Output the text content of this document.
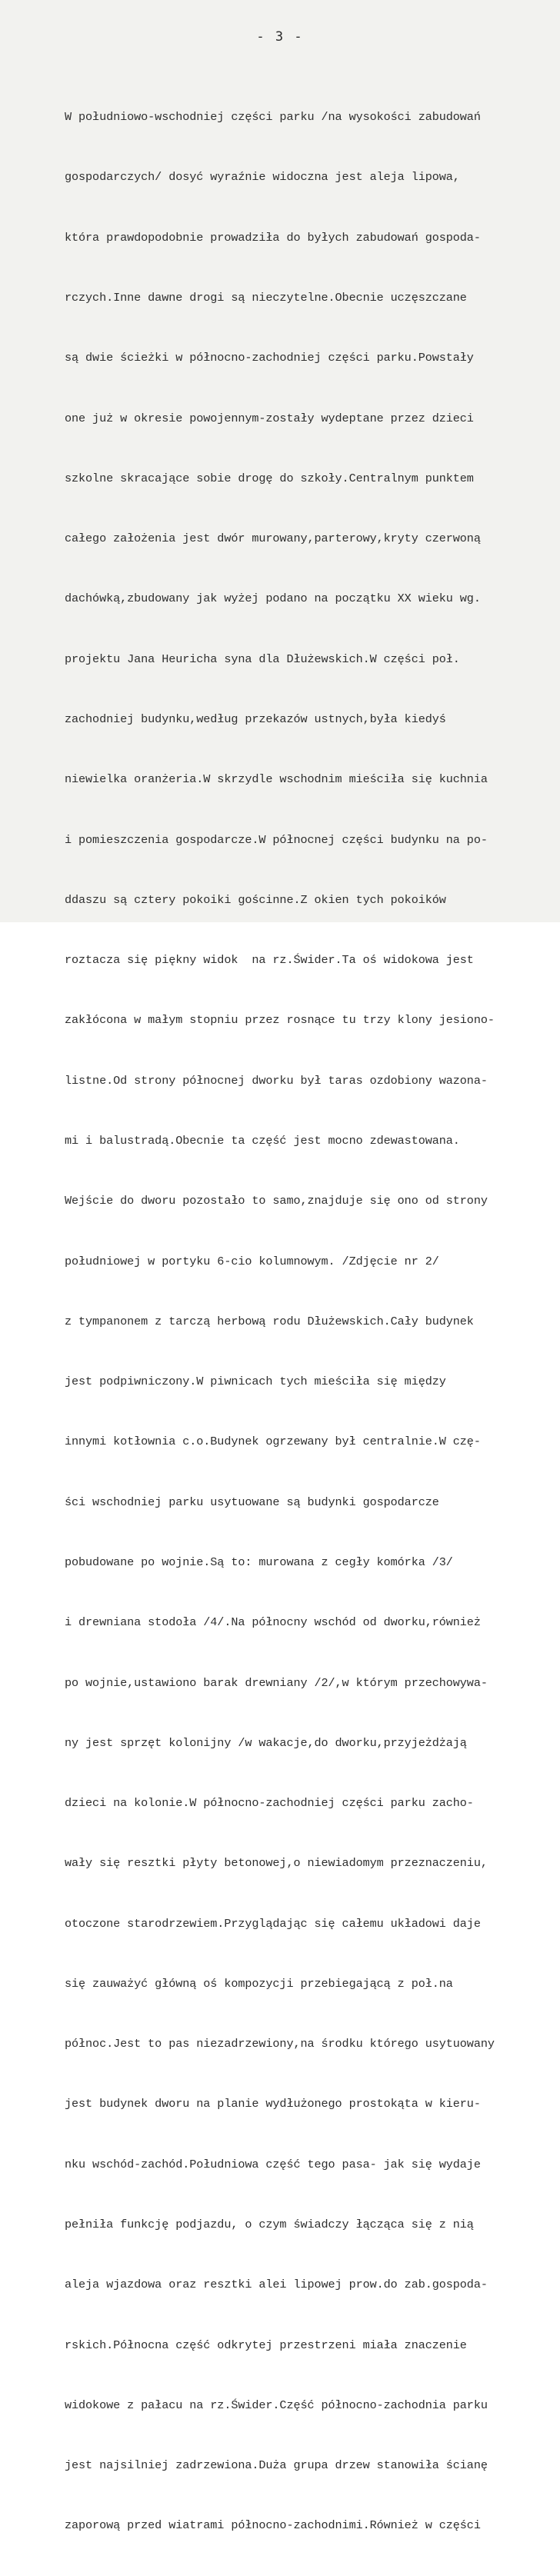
- 3 -

W południowo-wschodniej części parku /na wysokości zabudowań

gospodarczych/ dosyć wyraźnie widoczna jest aleja lipowa,

która prawdopodobnie prowadziła do byłych zabudowań gospoda-

rczych.Inne dawne drogi są nieczytelne.Obecnie uczęszczane

są dwie ścieżki w północno-zachodniej części parku.Powstały

one już w okresie powojennym-zostały wydeptane przez dzieci

szkolne skracające sobie drogę do szkoły.Centralnym punktem

całego założenia jest dwór murowany,parterowy,kryty czerwoną

dachówką,zbudowany jak wyżej podano na początku XX wieku wg.

projektu Jana Heuricha syna dla Dłużewskich.W części poł.

zachodniej budynku,według przekazów ustnych,była kiedyś

niewielka oranżeria.W skrzydle wschodnim mieściła się kuchnia

i pomieszczenia gospodarcze.W północnej części budynku na po-

ddaszu są cztery pokoiki gościnne.Z okien tych pokoików

roztacza się piękny widok  na rz.Świder.Ta oś widokowa jest

zakłócona w małym stopniu przez rosnące tu trzy klony jesiono-

listne.Od strony północnej dworku był taras ozdobiony wazona-

mi i balustradą.Obecnie ta część jest mocno zdewastowana.

Wejście do dworu pozostało to samo,znajduje się ono od strony

południowej w portyku 6-cio kolumnowym. /Zdjęcie nr 2/

z tympanonem z tarczą herbową rodu Dłużewskich.Cały budynek

jest podpiwniczony.W piwnicach tych mieściła się między

innymi kotłownia c.o.Budynek ogrzewany był centralnie.W czę-

ści wschodniej parku usytuowane są budynki gospodarcze

pobudowane po wojnie.Są to: murowana z cegły komórka /3/

i drewniana stodoła /4/.Na północny wschód od dworku,również

po wojnie,ustawiono barak drewniany /2/,w którym przechowywa-

ny jest sprzęt kolonijny /w wakacje,do dworku,przyjeżdżają

dzieci na kolonie.W północno-zachodniej części parku zacho-

wały się resztki płyty betonowej,o niewiadomym przeznaczeniu,

otoczone starodrzewiem.Przyglądając się całemu układowi daje

się zauważyć główną oś kompozycji przebiegającą z poł.na

północ.Jest to pas niezadrzewiony,na środku którego usytuowany

jest budynek dworu na planie wydłużonego prostokąta w kieru-

nku wschód-zachód.Południowa część tego pasa- jak się wydaje

pełniła funkcję podjazdu, o czym świadczy łącząca się z nią

aleja wjazdowa oraz resztki alei lipowej prow.do zab.gospoda-

rskich.Północna część odkrytej przestrzeni miała znaczenie

widokowe z pałacu na rz.Świder.Część północno-zachodnia parku

jest najsilniej zadrzewiona.Duża grupa drzew stanowiła ścianę

zaporową przed wiatrami północno-zachodnimi.Również w części
